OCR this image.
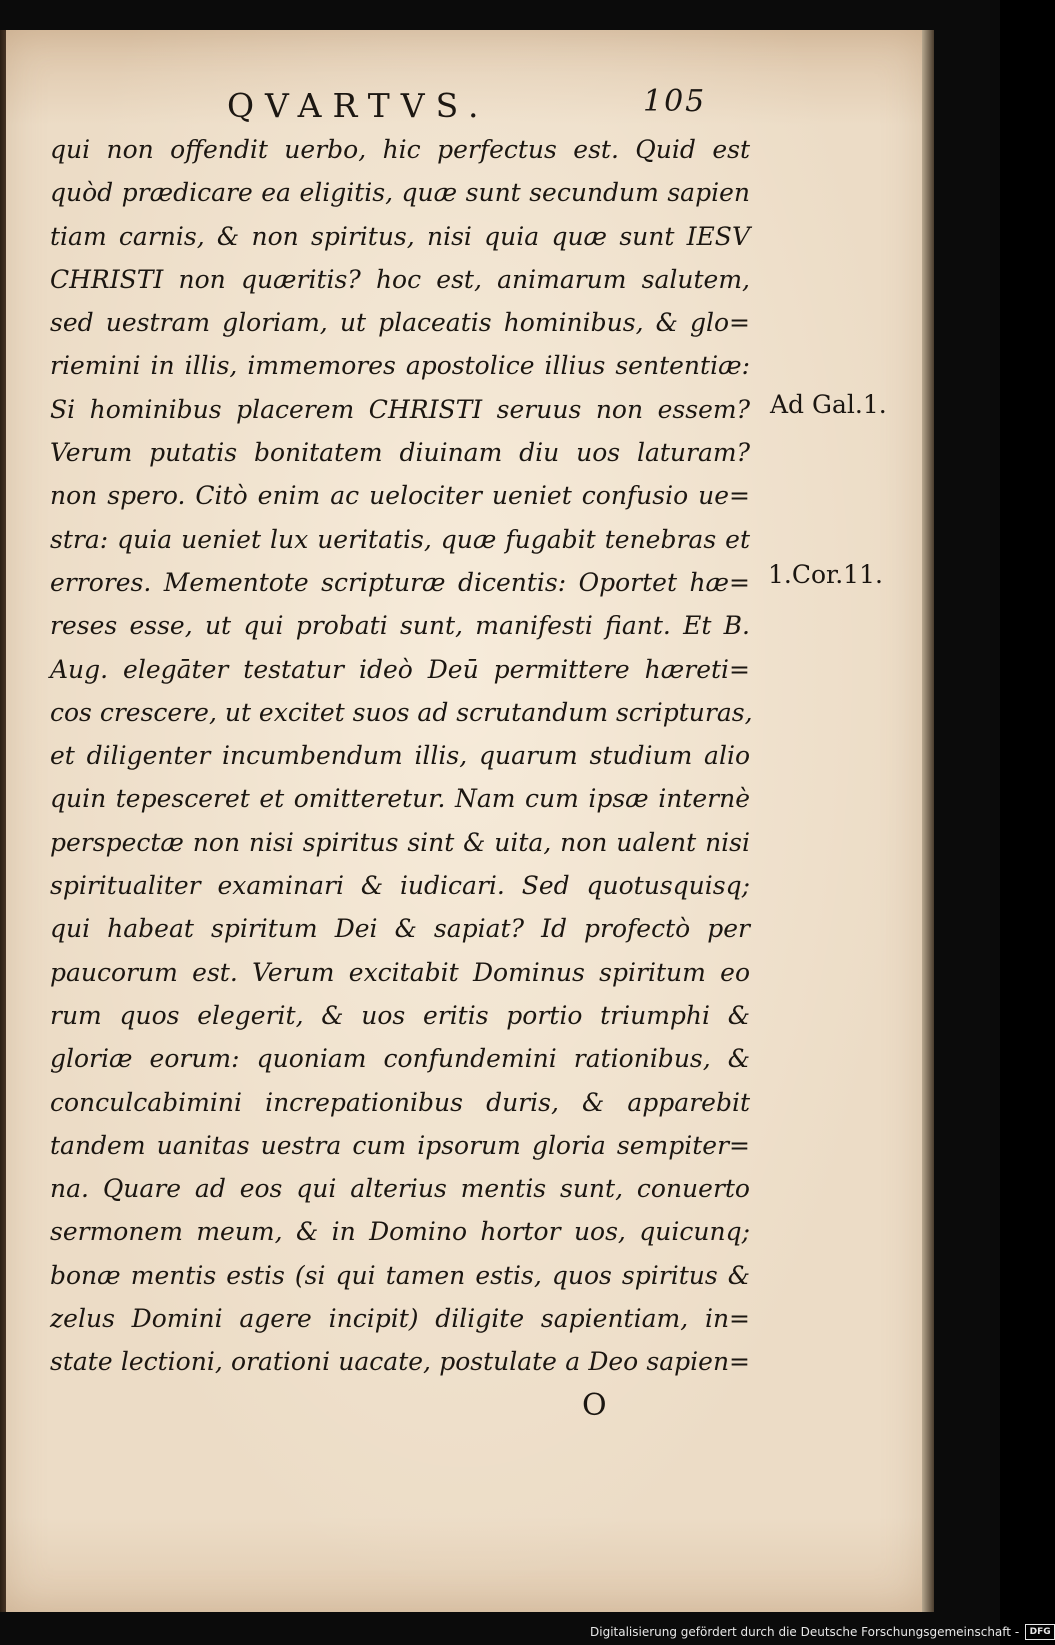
QVARTVS.	105
qui non offendit uerbo, hic perfectus est. Quid est
quòd prædicare ea eligitis, quæ sunt secundum sapien
tiam carnis, & non spiritus, nisi quia quæ sunt IESV
CHRISTI non quæritis? hoc est, animarum salutem,
sed uestram gloriam, ut placeatis hominibus, & glo=
riemini in illis, immemores apostolice illius sententiæ:
Si hominibus placerem CHRISTI seruus non essem?
Verum putatis bonitatem diuinam diu uos laturam?
non spero. Citò enim ac uelociter ueniet confusio ue=
stra: quia ueniet lux ueritatis, quæ fugabit tenebras et
errores. Mementote scripturæ dicentis: Oportet hæ=
reses esse, ut qui probati sunt, manifesti fiant. Et B.
Aug. elegāter testatur ideò Deū permittere hæreti=
cos crescere, ut excitet suos ad scrutandum scripturas,
et diligenter incumbendum illis, quarum studium alio
quin tepesceret et omitteretur. Nam cum ipsæ internè
perspectæ non nisi spiritus sint & uita, non ualent nisi
spiritualiter examinari & iudicari. Sed quotusquisq;
qui habeat spiritum Dei & sapiat? Id profectò per
paucorum est. Verum excitabit Dominus spiritum eo
rum quos elegerit, & uos eritis portio triumphi &
gloriæ eorum: quoniam confundemini rationibus, &
conculcabimini increpationibus duris, & apparebit
tandem uanitas uestra cum ipsorum gloria sempiter=
na. Quare ad eos qui alterius mentis sunt, conuerto
sermonem meum, & in Domino hortor uos, quicunq;
bonæ mentis estis (si qui tamen estis, quos spiritus &
zelus Domini agere incipit) diligite sapientiam, in=
state lectioni, orationi uacate, postulate a Deo sapien=
Ad Gal.1.
1.Cor.11.
O
Digitalisierung gefördert durch die Deutsche Forschungsgemeinschaft -	DFG
